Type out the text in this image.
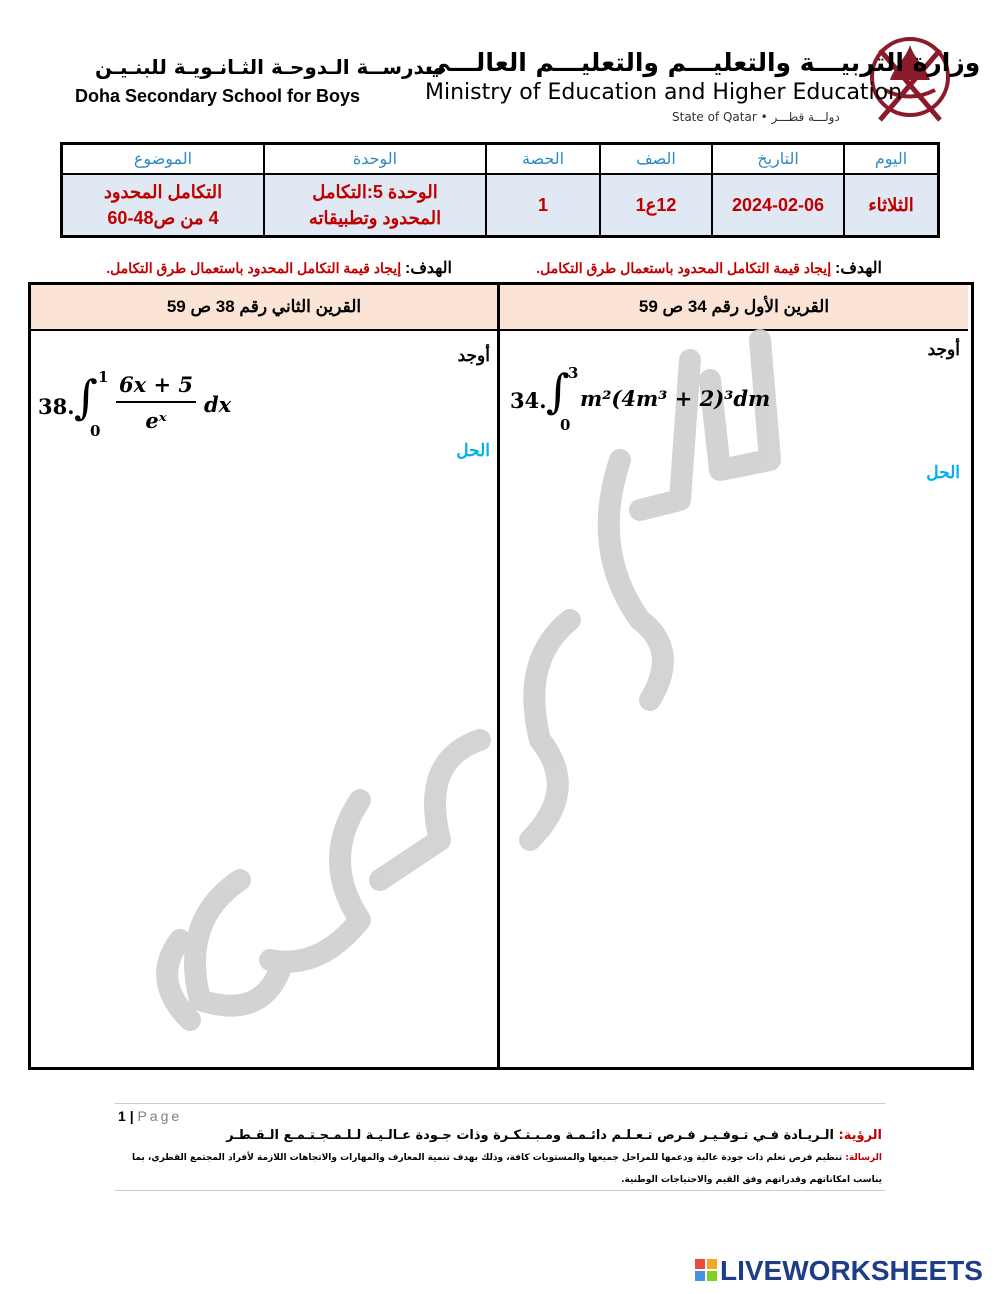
وزارة التربيـــة والتعليـــم والتعليـــم العالـــي
Ministry of Education and Higher Education
State of Qatar • دولـــة قطـــر
مـدرســة الـدوحـة الثـانـويـة للبنـيـن
Doha Secondary School for Boys
اليوم	التاريخ	الصف	الحصة	الوحدة	الموضوع
الثلاثاء	2024-02-06	12ع1	1	الوحدة 5:التكامل المحدود وتطبيقاته	التكامل المحدود 4 من ص48-60
الهدف: إيجاد قيمة التكامل المحدود باستعمال طرق التكامل.
الهدف: إيجاد قيمة التكامل المحدود باستعمال طرق التكامل.
القرين الثاني رقم 38 ص 59	القرين الأول رقم 34 ص 59
أوجد
34. ∫
3
0
m²(4m³ + 2)³dm
الحل
أوجد
38. ∫ 1
0
6x + 5
eˣ
dx
الحل
1 | Page
الرؤية: الـريـادة فـي تـوفـيـر فـرص تـعـلـم دائـمـة ومـبـتـكـرة وذات جـودة عـالـيـة لـلـمـجـتـمـع الـقـطـر
الرسالة: تنظيم فرص تعلم ذات جودة عالية ودعمها للمراحل جميعها والمستويات كافة، وذلك بهدف تنمية المعارف والمهارات والاتجاهات اللازمة لأفراد المجتمع القطري، بما يناسب امكاناتهم وقدراتهم وفق القيم والاحتياجات الوطنية.
LIVEWORKSHEETS
